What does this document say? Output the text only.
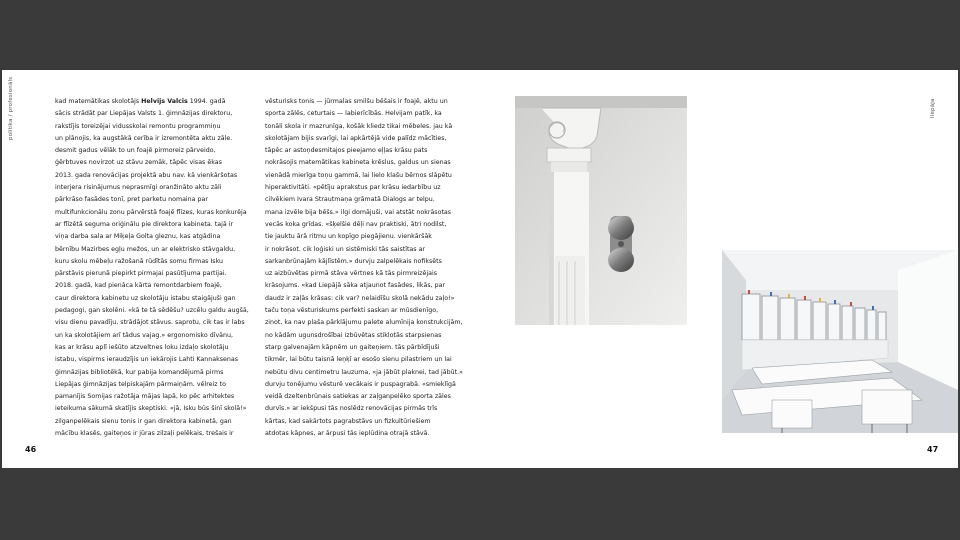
politika / profesionāls	kad matemātikas skolotājs Helvijs Valcis 1994. gadā
sācis strādāt par Liepājas Valsts 1. ģimnāzijas direktoru,
rakstījis toreizējai vidusskolai remontu programmiņu
un plānojis, ka augstākā cerība ir izremontēta aktu zāle.
desmit gadus vēlāk to un foajē pirmoreiz pārveido,
ģērbtuves novirzot uz stāvu zemāk, tāpēc visas ēkas
2013. gada renovācijas projektā abu nav. kā vienkāršotas
interjera risinājumus neprasmīgi oranžināto aktu zāli
pārkrāso fasādes tonī, pret parketu nomaina par
multifunkcionālu zonu pārvērstā foajē flīzes, kuras konkurēja
ar flīzētā seguma oriģinālu pie direktora kabineta. tajā ir
viņa darba sala ar Miķeļa Golta gleznu, kas atgādina
bērnību Mazirbes egļu mežos, un ar elektrisko stāvgaldu,
kuru skolu mēbeļu ražošanā rūdītās somu firmas Isku
pārstāvis pierunā piepirkt pirmajai pasūtījuma partijai.
2018. gadā, kad pienāca kārta remontdarbiem foajē,
caur direktora kabinetu uz skolotāju istabu staigājuši gan
pedagogi, gan skolēni. «kā te tā sēdēšu? uzcēlu galdu augšā,
visu dienu pavadīju, strādājot stāvus. saprotu, cik tas ir labs
un ka skolotājiem arī tādus vajag.» ergonomisko dīvānu,
kas ar krāsu aplī iešūto atzveltnes loku izdaļo skolotāju
istabu, vispirms ieraudzījis un iekārojis Lahti Kannaksenas
ģimnāzijas bibliotēkā, kur pabija komandējumā pirms
Liepājas ģimnāzijas telpiskajām pārmaiņām. vēlreiz to
pamanījis Somijas ražotāja mājas lapā, ko pēc arhitektes
ieteikuma sākumā skatījis skeptiski. «jā, Isku būs šinī skolā!»
zilganpelēkais sienu tonis ir gan direktora kabinetā, gan
mācību klasēs, gaiteņos ir jūras zilzaļi pelēkais, trešais ir

46

vēsturisks tonis — jūrmalas smilšu bēšais ir foajē, aktu un
sporta zālēs, ceturtais — labierīcībās. Helvijam patīk, ka
tonāli skola ir mazrunīga, košāk kliedz tikai mēbeles. jau kā
skolotājam bijis svarīgi, lai apkārtējā vide palīdz mācīties,
tāpēc ar astoņdesmitajos pieejamo eļļas krāsu pats
nokrāsojis matemātikas kabineta krēslus, galdus un sienas
vienādā mierīga toņu gammā, lai lielo klašu bērnos slāpētu
hiperaktivitāti. «pētīju aprakstus par krāsu iedarbību uz
cilvēkiem Ivara Strautmaņa grāmatā Dialogs ar telpu.
mana izvēle bija bēšs.» ilgi domājuši, vai atstāt nokrāsotas
vecās koka grīdas. «šķelšie dēļi nav praktiski, ātri nodilst,
tie jauktu ārā ritmu un kopīgo piegājienu. vienkāršāk
ir nokrāsot. cik loģiski un sistēmiski tās saistītas ar
sarkanbrūnajām kājlīstēm.» durvju zalpelēkais nofiksēts
uz aizbūvētas pirmā stāva vērtnes kā tās pirmreizējais
krāsojums. «kad Liepājā sāka atjaunot fasādes, likās, par
daudz ir zaļās krāsas: cik var? nelaidīšu skolā nekādu zaļo!»
taču toņa vēsturiskums perfekti saskan ar mūsdienīgo,
zinot, ka nav plaša pārklājumu palete alumīnija konstrukcijām,
no kādām ugunsdrošībai izbūvētas stiklotās starpsienas
starp galvenajām kāpnēm un gaiteņiem. tās pārbīdījuši
tikmēr, lai būtu taisnā leņķī ar esošo sienu pilastriem un lai
nebūtu divu centimetru lauzuma, «ja jābūt plaknei, tad jābūt.»
durvju tonējumu vēsturē vecākais ir puspagrabā. «smieklīgā
veidā dzeltenbrūnais satiekas ar zaļganpelēko sporta zāles
durvīs.» ar iekšpusi tās noslēdz renovācijas pirmās trīs
kārtas, kad sakārtots pagrabstāvs un fizkultūriešiem
atdotas kāpnes, ar ārpusi tās ieplūdina otrajā stāvā.

liepāja
47
